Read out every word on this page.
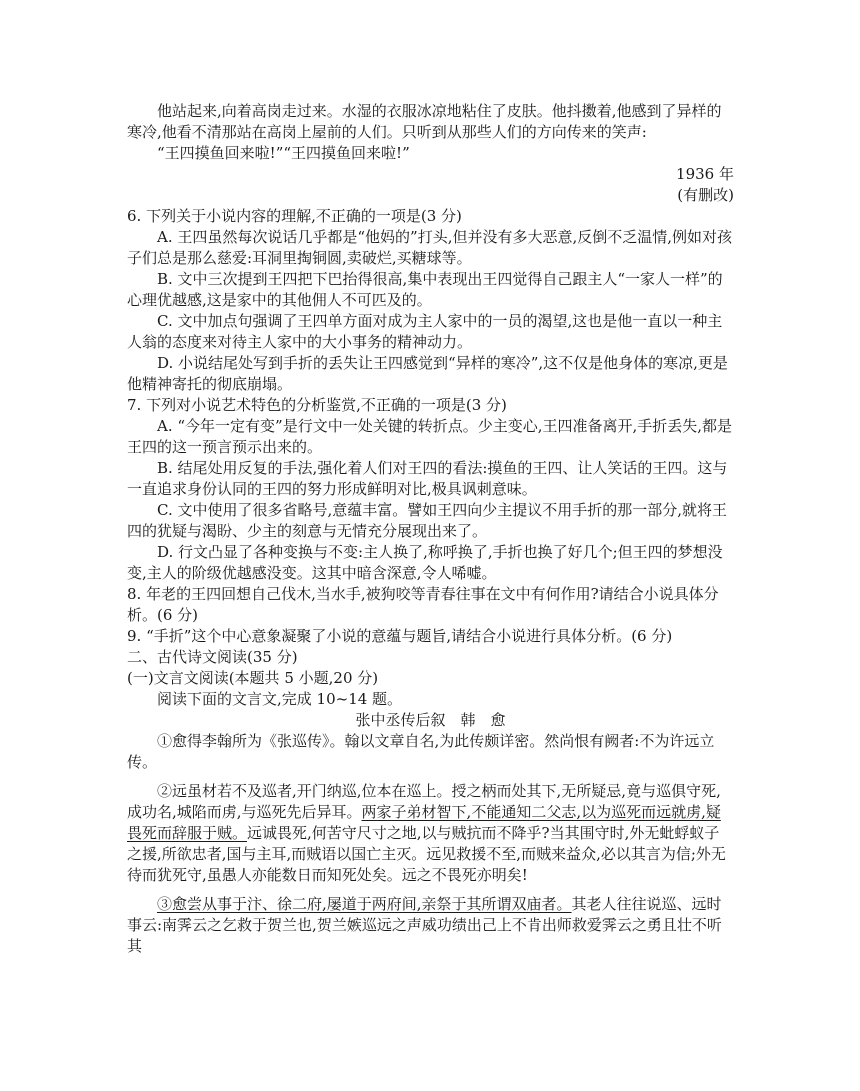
他站起来,向着高岗走过来。水湿的衣服冰凉地粘住了皮肤。他抖擞着,他感到了异样的寒冷,他看不清那站在高岗上屋前的人们。只听到从那些人们的方向传来的笑声:

“王四摸鱼回来啦!”“王四摸鱼回来啦!”

1936 年

(有删改)

6. 下列关于小说内容的理解,不正确的一项是(3 分)

A. 王四虽然每次说话几乎都是“他妈的”打头,但并没有多大恶意,反倒不乏温情,例如对孩子们总是那么慈爱:耳洞里掏铜圆,卖破烂,买糖球等。

B. 文中三次提到王四把下巴抬得很高,集中表现出王四觉得自己跟主人“一家人一样”的心理优越感,这是家中的其他佣人不可匹及的。

C. 文中加点句强调了王四单方面对成为主人家中的一员的渴望,这也是他一直以一种主人翁的态度来对待主人家中的大小事务的精神动力。

D. 小说结尾处写到手折的丢失让王四感觉到“异样的寒冷”,这不仅是他身体的寒凉,更是他精神寄托的彻底崩塌。

7. 下列对小说艺术特色的分析鉴赏,不正确的一项是(3 分)

A. “今年一定有变”是行文中一处关键的转折点。少主变心,王四准备离开,手折丢失,都是王四的这一预言预示出来的。

B. 结尾处用反复的手法,强化着人们对王四的看法:摸鱼的王四、让人笑话的王四。这与一直追求身份认同的王四的努力形成鲜明对比,极具讽刺意味。

C. 文中使用了很多省略号,意蕴丰富。譬如王四向少主提议不用手折的那一部分,就将王四的犹疑与渴盼、少主的刻意与无情充分展现出来了。

D. 行文凸显了各种变换与不变:主人换了,称呼换了,手折也换了好几个;但王四的梦想没变,主人的阶级优越感没变。这其中暗含深意,令人唏嘘。

8. 年老的王四回想自己伐木,当水手,被狗咬等青春往事在文中有何作用?请结合小说具体分析。(6 分)

9. “手折”这个中心意象凝聚了小说的意蕴与题旨,请结合小说进行具体分析。(6 分)

二、古代诗文阅读(35 分)

(一)文言文阅读(本题共 5 小题,20 分)

阅读下面的文言文,完成 10~14 题。

张中丞传后叙　韩　愈

①愈得李翰所为《张巡传》。翰以文章自名,为此传颇详密。然尚恨有阙者:不为许远立传。

②远虽材若不及巡者,开门纳巡,位本在巡上。授之柄而处其下,无所疑忌,竟与巡俱守死,成功名,城陷而虏,与巡死先后异耳。两家子弟材智下,不能通知二父志,以为巡死而远就虏,疑畏死而辞服于贼。远诚畏死,何苦守尺寸之地,以与贼抗而不降乎?当其围守时,外无蚍蜉蚁子之援,所欲忠者,国与主耳,而贼语以国亡主灭。远见救援不至,而贼来益众,必以其言为信;外无待而犹死守,虽愚人亦能数日而知死处矣。远之不畏死亦明矣!

③愈尝从事于汴、徐二府,屡道于两府间,亲祭于其所谓双庙者。其老人往往说巡、远时事云:南霁云之乞救于贺兰也,贺兰嫉巡远之声威功绩出己上不肯出师救爱霁云之勇且壮不听其
